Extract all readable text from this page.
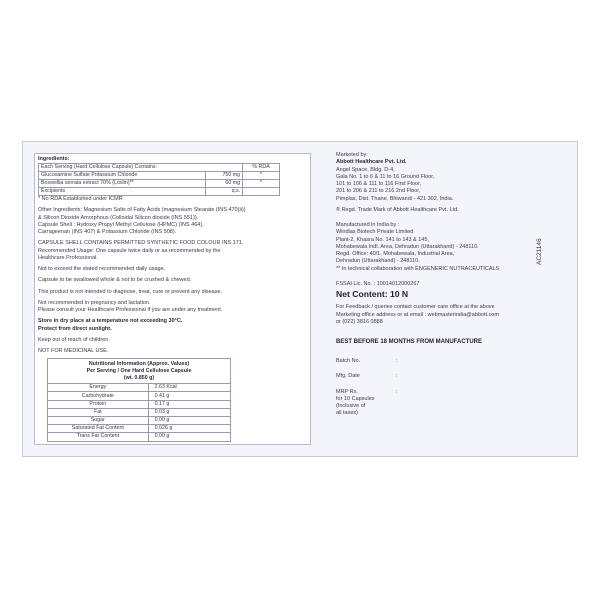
Ingredients:

Each Serving (Hard Cellulose Capsule) Contains:		% RDA
Glucosamine Sulfate Potassium Chloride	750 mg	*
Boswellia serrata extract 70% (Loxlin)**	60 mg	*
Excipients	q.s.	

* No RDA Established under ICMR

Other Ingredients: Magnesium Salts of Fatty Acids (magnesium Stearate (INS 470(ii))

& Silicon Dioxide Amorphous (Colloidal Silicon dioxide (INS 551)).

Capsule Shell : Hydroxy Propyl Methyl Cellulose (HPMC) (INS 464),

Carrageenan (INS 407) & Potassium Chloride (INS 508).

CAPSULE SHELL CONTAINS PERMITTED SYNTHETIC FOOD COLOUR INS 171.

Recommended Usage: One capsule twice daily or as recommended by the

Healthcare Professional.

Not to exceed the stated recommended daily usage.

Capsule to be swallowed whole & not to be crushed & chewed.

This product is not intended to diagnose, treat, cure or prevent any disease.

Not recommended in pregnancy and lactation.

Please consult your Healthcare Professional if you are under any treatment.

Store in dry place at a temperature not exceeding 30°C.

Protect from direct sunlight.

Keep out of reach of children.

NOT FOR MEDICINAL USE.

Nutritional Information (Approx. Values)
Per Serving / One Hard Cellulose Capsule
(wt. 0.850 g)	
Energy	2.63 Kcal
Carbohydrate	0.41 g
Protein	0.17 g
Fat	0.03 g
Sugar	0.00 g
Saturated Fat Content	0.026 g
Trans Fat Content	0.00 g

Marketed by:

Abbott Healthcare Pvt. Ltd.

Angel Space, Bldg. D-4,

Gala No. 1 to 6 & 11 to 16 Ground Floor,

101 to 106 & 111 to 116 First Floor,

201 to 206 & 211 to 216 2nd Floor,

Pimplas, Dist. Thane, Bhiwandi - 421 302, India.

® Regd. Trade Mark of Abbott Healthcare Pvt. Ltd.

Manufactured in India by :

Windlas Biotech Private Limited

Plant-2, Khasra No. 141 to 143 & 145,

Mohabewala Indl. Area, Dehradun (Uttarakhand) - 248110.

Regd. Office: 40/1, Mohabewala, Industrial Area,

Dehradun (Uttarakhand) - 248110.

** In technical collaboration with ENGENERIC NUTRACEUTICALS

FSSAI Lic. No. : 10014012000267

Net Content: 10 N

For Feedback / queries contact customer care office at the above

Marketing office address or at email : webmasterindia@abbott.com

or (022) 3816 0888

BEST BEFORE 18 MONTHS FROM MANUFACTURE

Batch No.	:
Mfg. Date	:

MRP Rs.

for 10 Capsules

(Inclusive of

all taxes)

:
AC21146
